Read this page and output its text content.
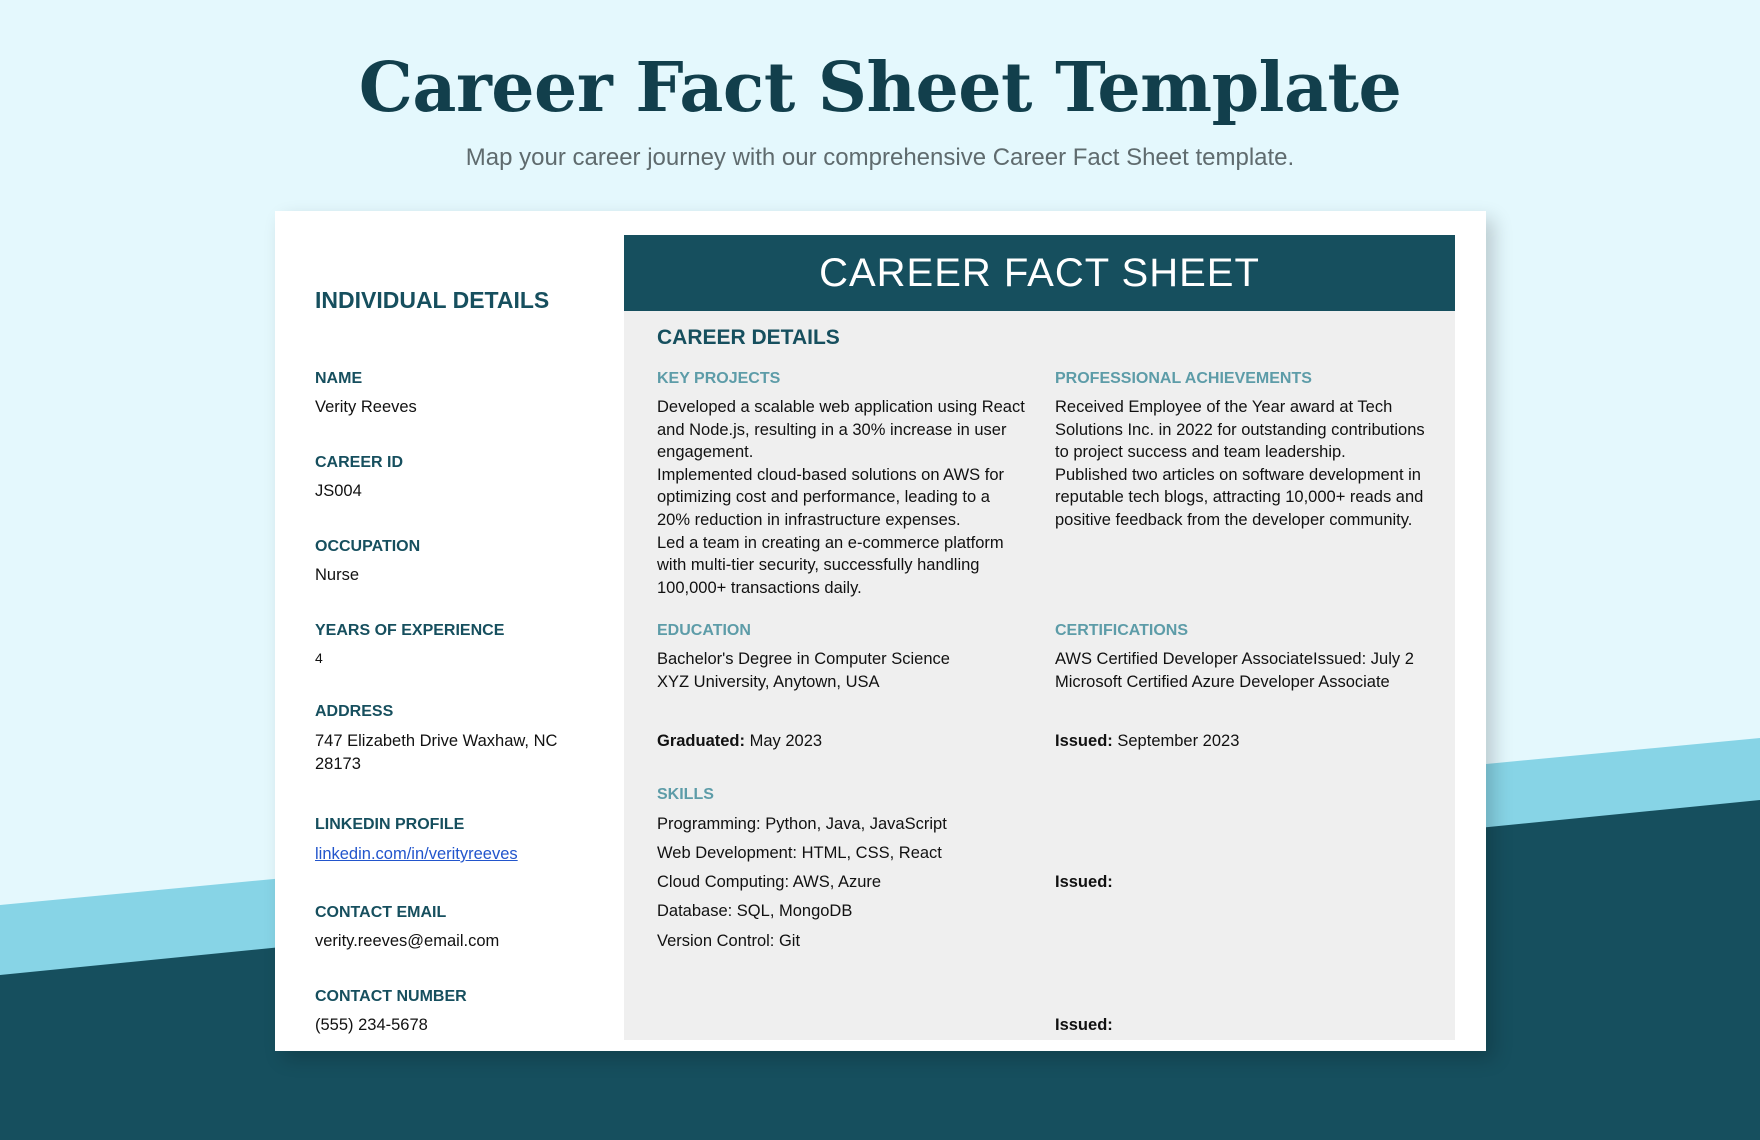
Career Fact Sheet Template
Map your career journey with our comprehensive Career Fact Sheet template.
CAREER FACT SHEET
INDIVIDUAL DETAILS
NAME
Verity Reeves
CAREER ID
JS004
OCCUPATION
Nurse
YEARS OF EXPERIENCE
4
ADDRESS
747 Elizabeth Drive Waxhaw, NC 28173
LINKEDIN PROFILE
linkedin.com/in/verityreeves
CONTACT EMAIL
verity.reeves@email.com
CONTACT NUMBER
(555) 234-5678
CAREER DETAILS
KEY PROJECTS
Developed a scalable web application using React and Node.js, resulting in a 30% increase in user engagement.
Implemented cloud-based solutions on AWS for optimizing cost and performance, leading to a 20% reduction in infrastructure expenses.
Led a team in creating an e-commerce platform with multi-tier security, successfully handling 100,000+ transactions daily.
PROFESSIONAL ACHIEVEMENTS
Received Employee of the Year award at Tech Solutions Inc. in 2022 for outstanding contributions to project success and team leadership.
Published two articles on software development in reputable tech blogs, attracting 10,000+ reads and positive feedback from the developer community.
EDUCATION
Bachelor's Degree in Computer Science
XYZ University, Anytown, USA
Graduated: May 2023
CERTIFICATIONS
AWS Certified Developer AssociateIssued: July 2
Microsoft Certified Azure Developer Associate
Issued: September 2023
Issued:
Issued:
SKILLS
Programming: Python, Java, JavaScript
Web Development: HTML, CSS, React
Cloud Computing: AWS, Azure
Database: SQL, MongoDB
Version Control: Git
